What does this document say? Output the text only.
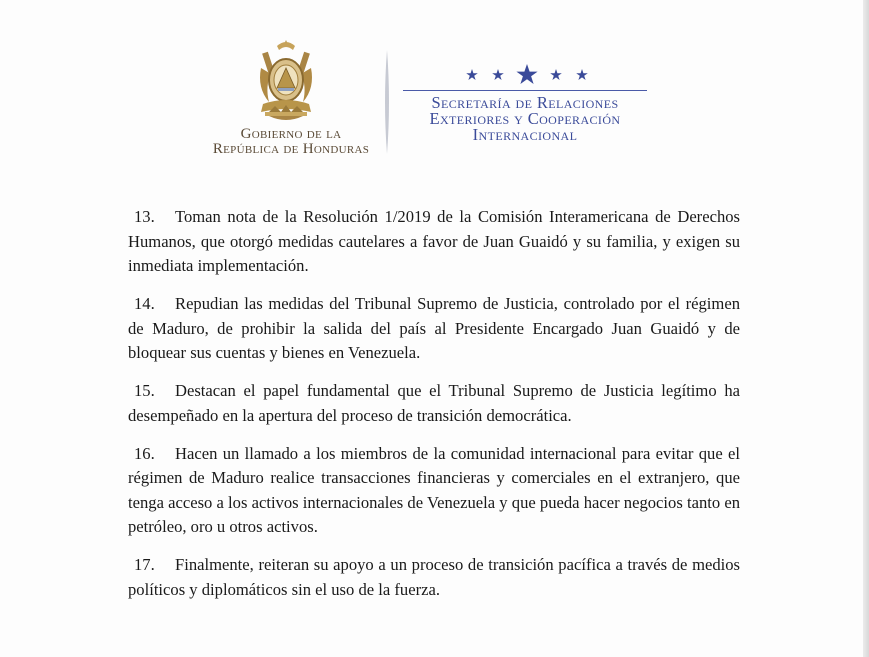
Gobierno de la
República de Honduras
Secretaría de Relaciones
Exteriores y Cooperación
Internacional

13. Toman nota de la Resolución 1/2019 de la Comisión Interamericana de Derechos Humanos, que otorgó medidas cautelares a favor de Juan Guaidó y su familia, y exigen su inmediata implementación.

14. Repudian las medidas del Tribunal Supremo de Justicia, controlado por el régimen de Maduro, de prohibir la salida del país al Presidente Encargado Juan Guaidó y de bloquear sus cuentas y bienes en Venezuela.

15. Destacan el papel fundamental que el Tribunal Supremo de Justicia legítimo ha desempeñado en la apertura del proceso de transición democrática.

16. Hacen un llamado a los miembros de la comunidad internacional para evitar que el régimen de Maduro realice transacciones financieras y comerciales en el extranjero, que tenga acceso a los activos internacionales de Venezuela y que pueda hacer negocios tanto en petróleo, oro u otros activos.

17. Finalmente, reiteran su apoyo a un proceso de transición pacífica a través de medios políticos y diplomáticos sin el uso de la fuerza.
